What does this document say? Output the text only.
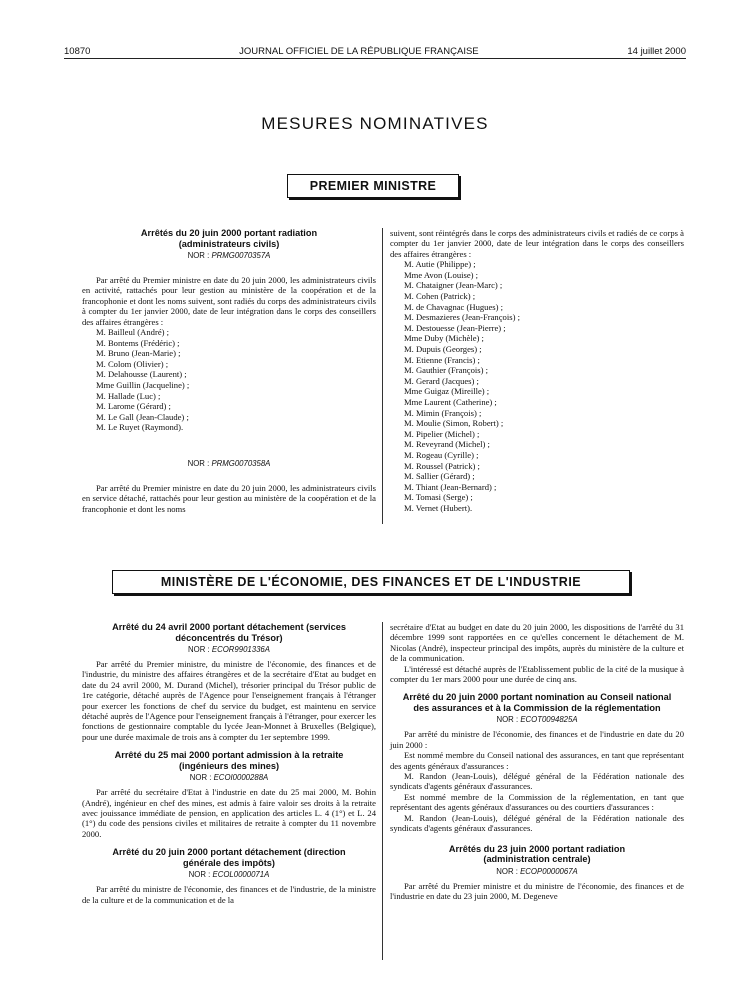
10870	JOURNAL OFFICIEL DE LA RÉPUBLIQUE FRANÇAISE	14 juillet 2000
MESURES NOMINATIVES
PREMIER MINISTRE
Arrêtés du 20 juin 2000 portant radiation (administrateurs civils)
NOR : PRMG0070357A

Par arrêté du Premier ministre en date du 20 juin 2000, les administrateurs civils en activité, rattachés pour leur gestion au ministère de la coopération et de la francophonie et dont les noms suivent, sont radiés du corps des administrateurs civils à compter du 1er janvier 2000, date de leur intégration dans le corps des conseillers des affaires étrangères :

M. Bailleul (André) ;
M. Bontems (Frédéric) ;
M. Bruno (Jean-Marie) ;
M. Colom (Olivier) ;
M. Delahousse (Laurent) ;
Mme Guillin (Jacqueline) ;
M. Hallade (Luc) ;
M. Larome (Gérard) ;
M. Le Gall (Jean-Claude) ;
M. Le Ruyet (Raymond).
NOR : PRMG0070358A

Par arrêté du Premier ministre en date du 20 juin 2000, les administrateurs civils en service détaché, rattachés pour leur gestion au ministère de la coopération et de la francophonie et dont les noms

suivent, sont réintégrés dans le corps des administrateurs civils et radiés de ce corps à compter du 1er janvier 2000, date de leur intégration dans le corps des conseillers des affaires étrangères :

M. Autie (Philippe) ;
Mme Avon (Louise) ;
M. Chataigner (Jean-Marc) ;
M. Cohen (Patrick) ;
M. de Chavagnac (Hugues) ;
M. Desmazieres (Jean-François) ;
M. Destouesse (Jean-Pierre) ;
Mme Duby (Michèle) ;
M. Dupuis (Georges) ;
M. Etienne (Francis) ;
M. Gauthier (François) ;
M. Gerard (Jacques) ;
Mme Guigaz (Mireille) ;
Mme Laurent (Catherine) ;
M. Mimin (François) ;
M. Moulie (Simon, Robert) ;
M. Pipelier (Michel) ;
M. Reveyrand (Michel) ;
M. Rogeau (Cyrille) ;
M. Roussel (Patrick) ;
M. Sallier (Gérard) ;
M. Thiant (Jean-Bernard) ;
M. Tomasi (Serge) ;
M. Vernet (Hubert).
MINISTÈRE DE L'ÉCONOMIE, DES FINANCES ET DE L'INDUSTRIE
Arrêté du 24 avril 2000 portant détachement (services déconcentrés du Trésor)
NOR : ECOR9901336A

Par arrêté du Premier ministre, du ministre de l'économie, des finances et de l'industrie, du ministre des affaires étrangères et de la secrétaire d'Etat au budget en date du 24 avril 2000, M. Durand (Michel), trésorier principal du Trésor public de 1re catégorie, détaché auprès de l'Agence pour l'enseignement français à l'étranger pour exercer les fonctions de chef du service du budget, est maintenu en service détaché auprès de l'Agence pour l'enseignement français à l'étranger, pour exercer les fonctions de gestionnaire comptable du lycée Jean-Monnet à Bruxelles (Belgique), pour une durée maximale de trois ans à compter du 1er septembre 1999.

Arrêté du 25 mai 2000 portant admission à la retraite (ingénieurs des mines)
NOR : ECOI0000288A

Par arrêté du secrétaire d'Etat à l'industrie en date du 25 mai 2000, M. Bohin (André), ingénieur en chef des mines, est admis à faire valoir ses droits à la retraite avec jouissance immédiate de pension, en application des articles L. 4 (1°) et L. 24 (1°) du code des pensions civiles et militaires de retraite à compter du 11 novembre 2000.

Arrêté du 20 juin 2000 portant détachement (direction générale des impôts)
NOR : ECOL0000071A

Par arrêté du ministre de l'économie, des finances et de l'industrie, de la ministre de la culture et de la communication et de la

secrétaire d'Etat au budget en date du 20 juin 2000, les dispositions de l'arrêté du 31 décembre 1999 sont rapportées en ce qu'elles concernent le détachement de M. Nicolas (André), inspecteur principal des impôts, auprès du ministère de la culture et de la communication.

L'intéressé est détaché auprès de l'Etablissement public de la cité de la musique à compter du 1er mars 2000 pour une durée de cinq ans.

Arrêté du 20 juin 2000 portant nomination au Conseil national des assurances et à la Commission de la réglementation
NOR : ECOT0094825A

Par arrêté du ministre de l'économie, des finances et de l'industrie en date du 20 juin 2000 :

Est nommé membre du Conseil national des assurances, en tant que représentant des agents généraux d'assurances :

M. Randon (Jean-Louis), délégué général de la Fédération nationale des syndicats d'agents généraux d'assurances.

Est nommé membre de la Commission de la réglementation, en tant que représentant des agents généraux d'assurances ou des courtiers d'assurances :

M. Randon (Jean-Louis), délégué général de la Fédération nationale des syndicats d'agents généraux d'assurances.

Arrêtés du 23 juin 2000 portant radiation (administration centrale)
NOR : ECOP0000067A

Par arrêté du Premier ministre et du ministre de l'économie, des finances et de l'industrie en date du 23 juin 2000, M. Degeneve
